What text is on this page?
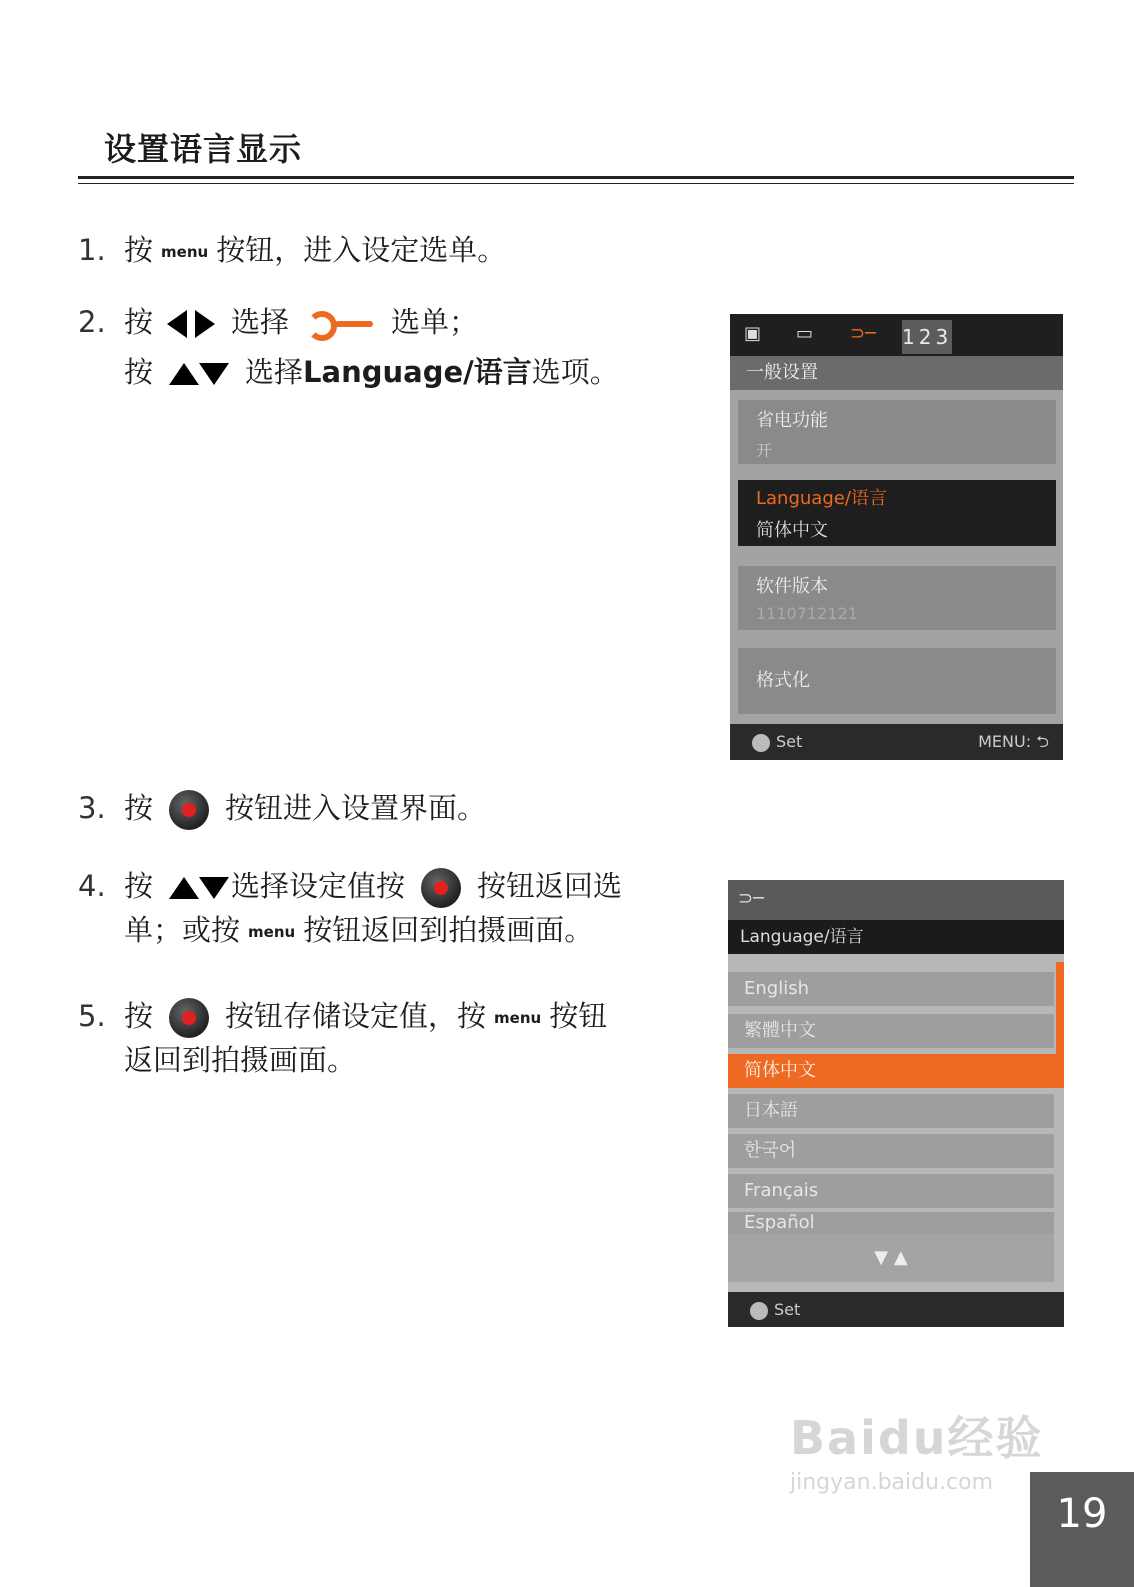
设置语言显示
1. 按 menu 按钮，进入设定选单。
2. 按	选择	选单；
按	选择Language/语言选项。
3. 按 按钮进入设置界面。
4. 按	选择设定值按 按钮返回选
单；或按 menu 按钮返回到拍摄画面。
5. 按 按钮存储设定值，按 menu 按钮
返回到拍摄画面。
▣ ▭ ⊃─ 123
一般设置
省电功能
开
Language/语言
简体中文
软件版本
1110712121
格式化
Set	MENU: ⮌
⊃─
Language/语言
English
繁體中文
简体中文
日本語
한국어
Français
Español
▼ ▲
Set
Baidu经验
jingyan.baidu.com
19
